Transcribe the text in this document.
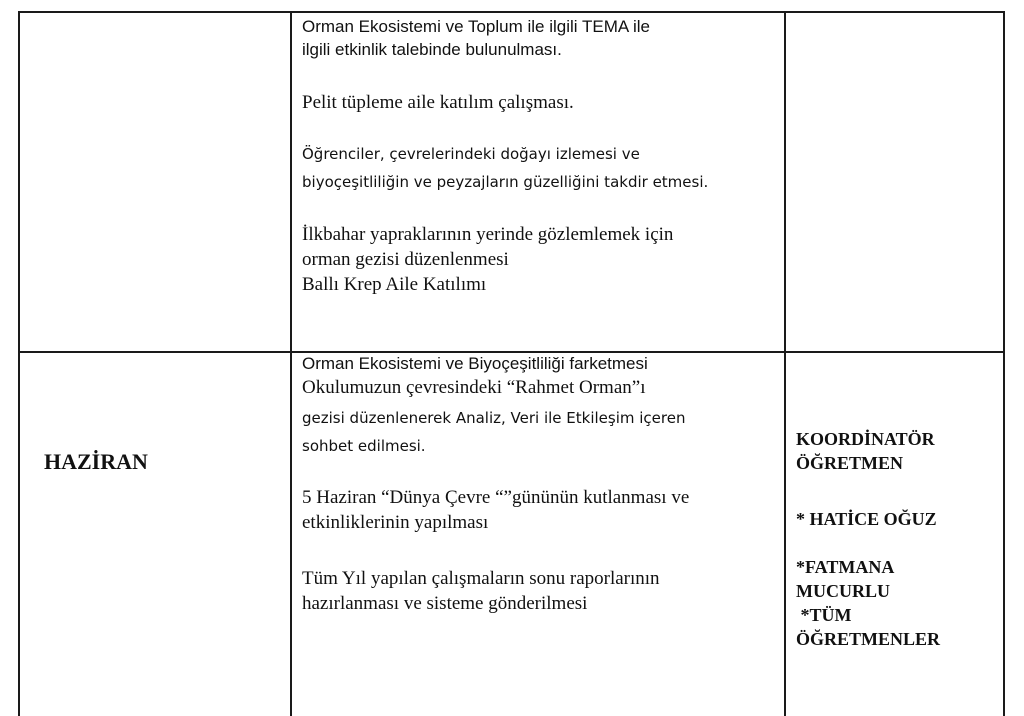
Orman Ekosistemi ve Toplum ile ilgili TEMA ile
ilgili etkinlik talebinde bulunulması.
Pelit tüpleme aile katılım çalışması.
Öğrenciler, çevrelerindeki doğayı izlemesi ve
biyoçeşitliliğin ve peyzajların güzelliğini takdir etmesi.
İlkbahar yapraklarının yerinde gözlemlemek için
orman gezisi düzenlenmesi
Ballı Krep Aile Katılımı
HAZİRAN
Orman Ekosistemi ve Biyoçeşitliliği farketmesi
Okulumuzun çevresindeki “Rahmet Orman”ı
gezisi düzenlenerek Analiz, Veri ile Etkileşim içeren
sohbet edilmesi.
5 Haziran “Dünya Çevre “”gününün kutlanması ve
etkinliklerinin yapılması
Tüm Yıl yapılan çalışmaların sonu raporlarının
hazırlanması ve sisteme gönderilmesi
KOORDİNATÖR
ÖĞRETMEN
* HATİCE OĞUZ
*FATMANA
MUCURLU
*TÜM
ÖĞRETMENLER
